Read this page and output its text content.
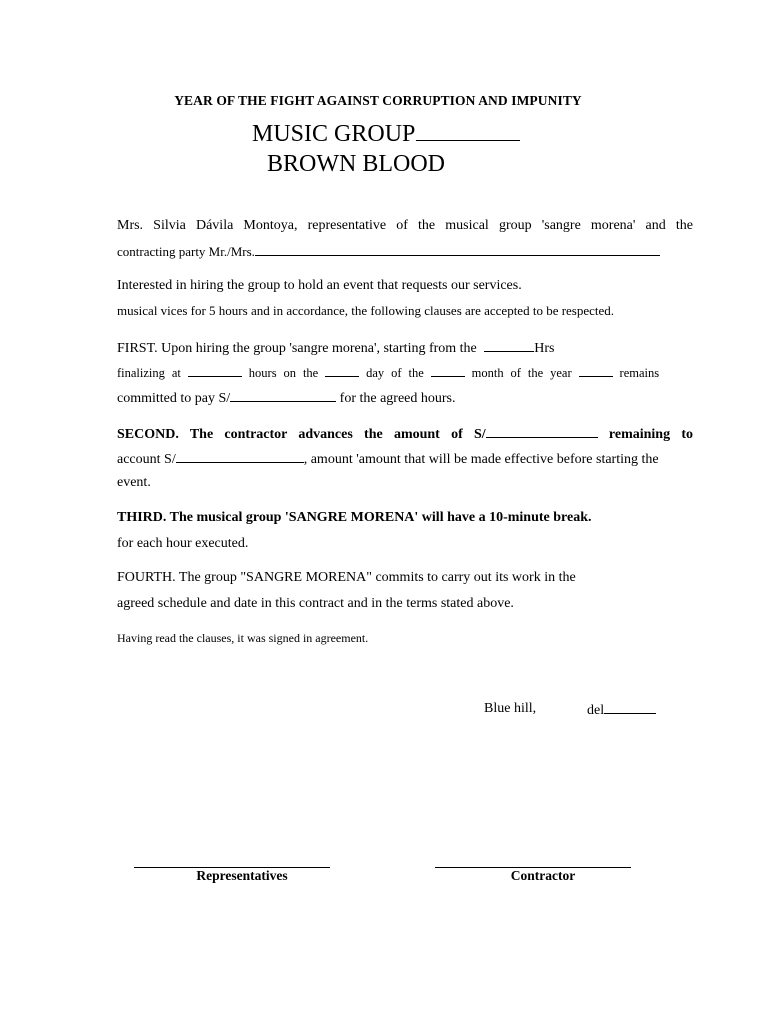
YEAR OF THE FIGHT AGAINST CORRUPTION AND IMPUNITY
MUSIC GROUP
BROWN BLOOD
Mrs. Silvia Dávila Montoya, representative of the musical group 'sangre morena' and the
contracting party Mr./Mrs.
Interested in hiring the group to hold an event that requests our services.
musical vices for 5 hours and in accordance, the following clauses are accepted to be respected.
FIRST. Upon hiring the group 'sangre morena', starting from the	Hrs
finalizing at	hours on the	day of the	month of the year	remains
committed to pay S/	for the agreed hours.
SECOND. The contractor advances the amount of S/	remaining to
account S/	, amount 'amount that will be made effective before starting the
event.
THIRD. The musical group 'SANGRE MORENA' will have a 10-minute break.
for each hour executed.
FOURTH. The group "SANGRE MORENA" commits to carry out its work in the
agreed schedule and date in this contract and in the terms stated above.
Having read the clauses, it was signed in agreement.
Blue hill,	del
Representatives	Contractor
